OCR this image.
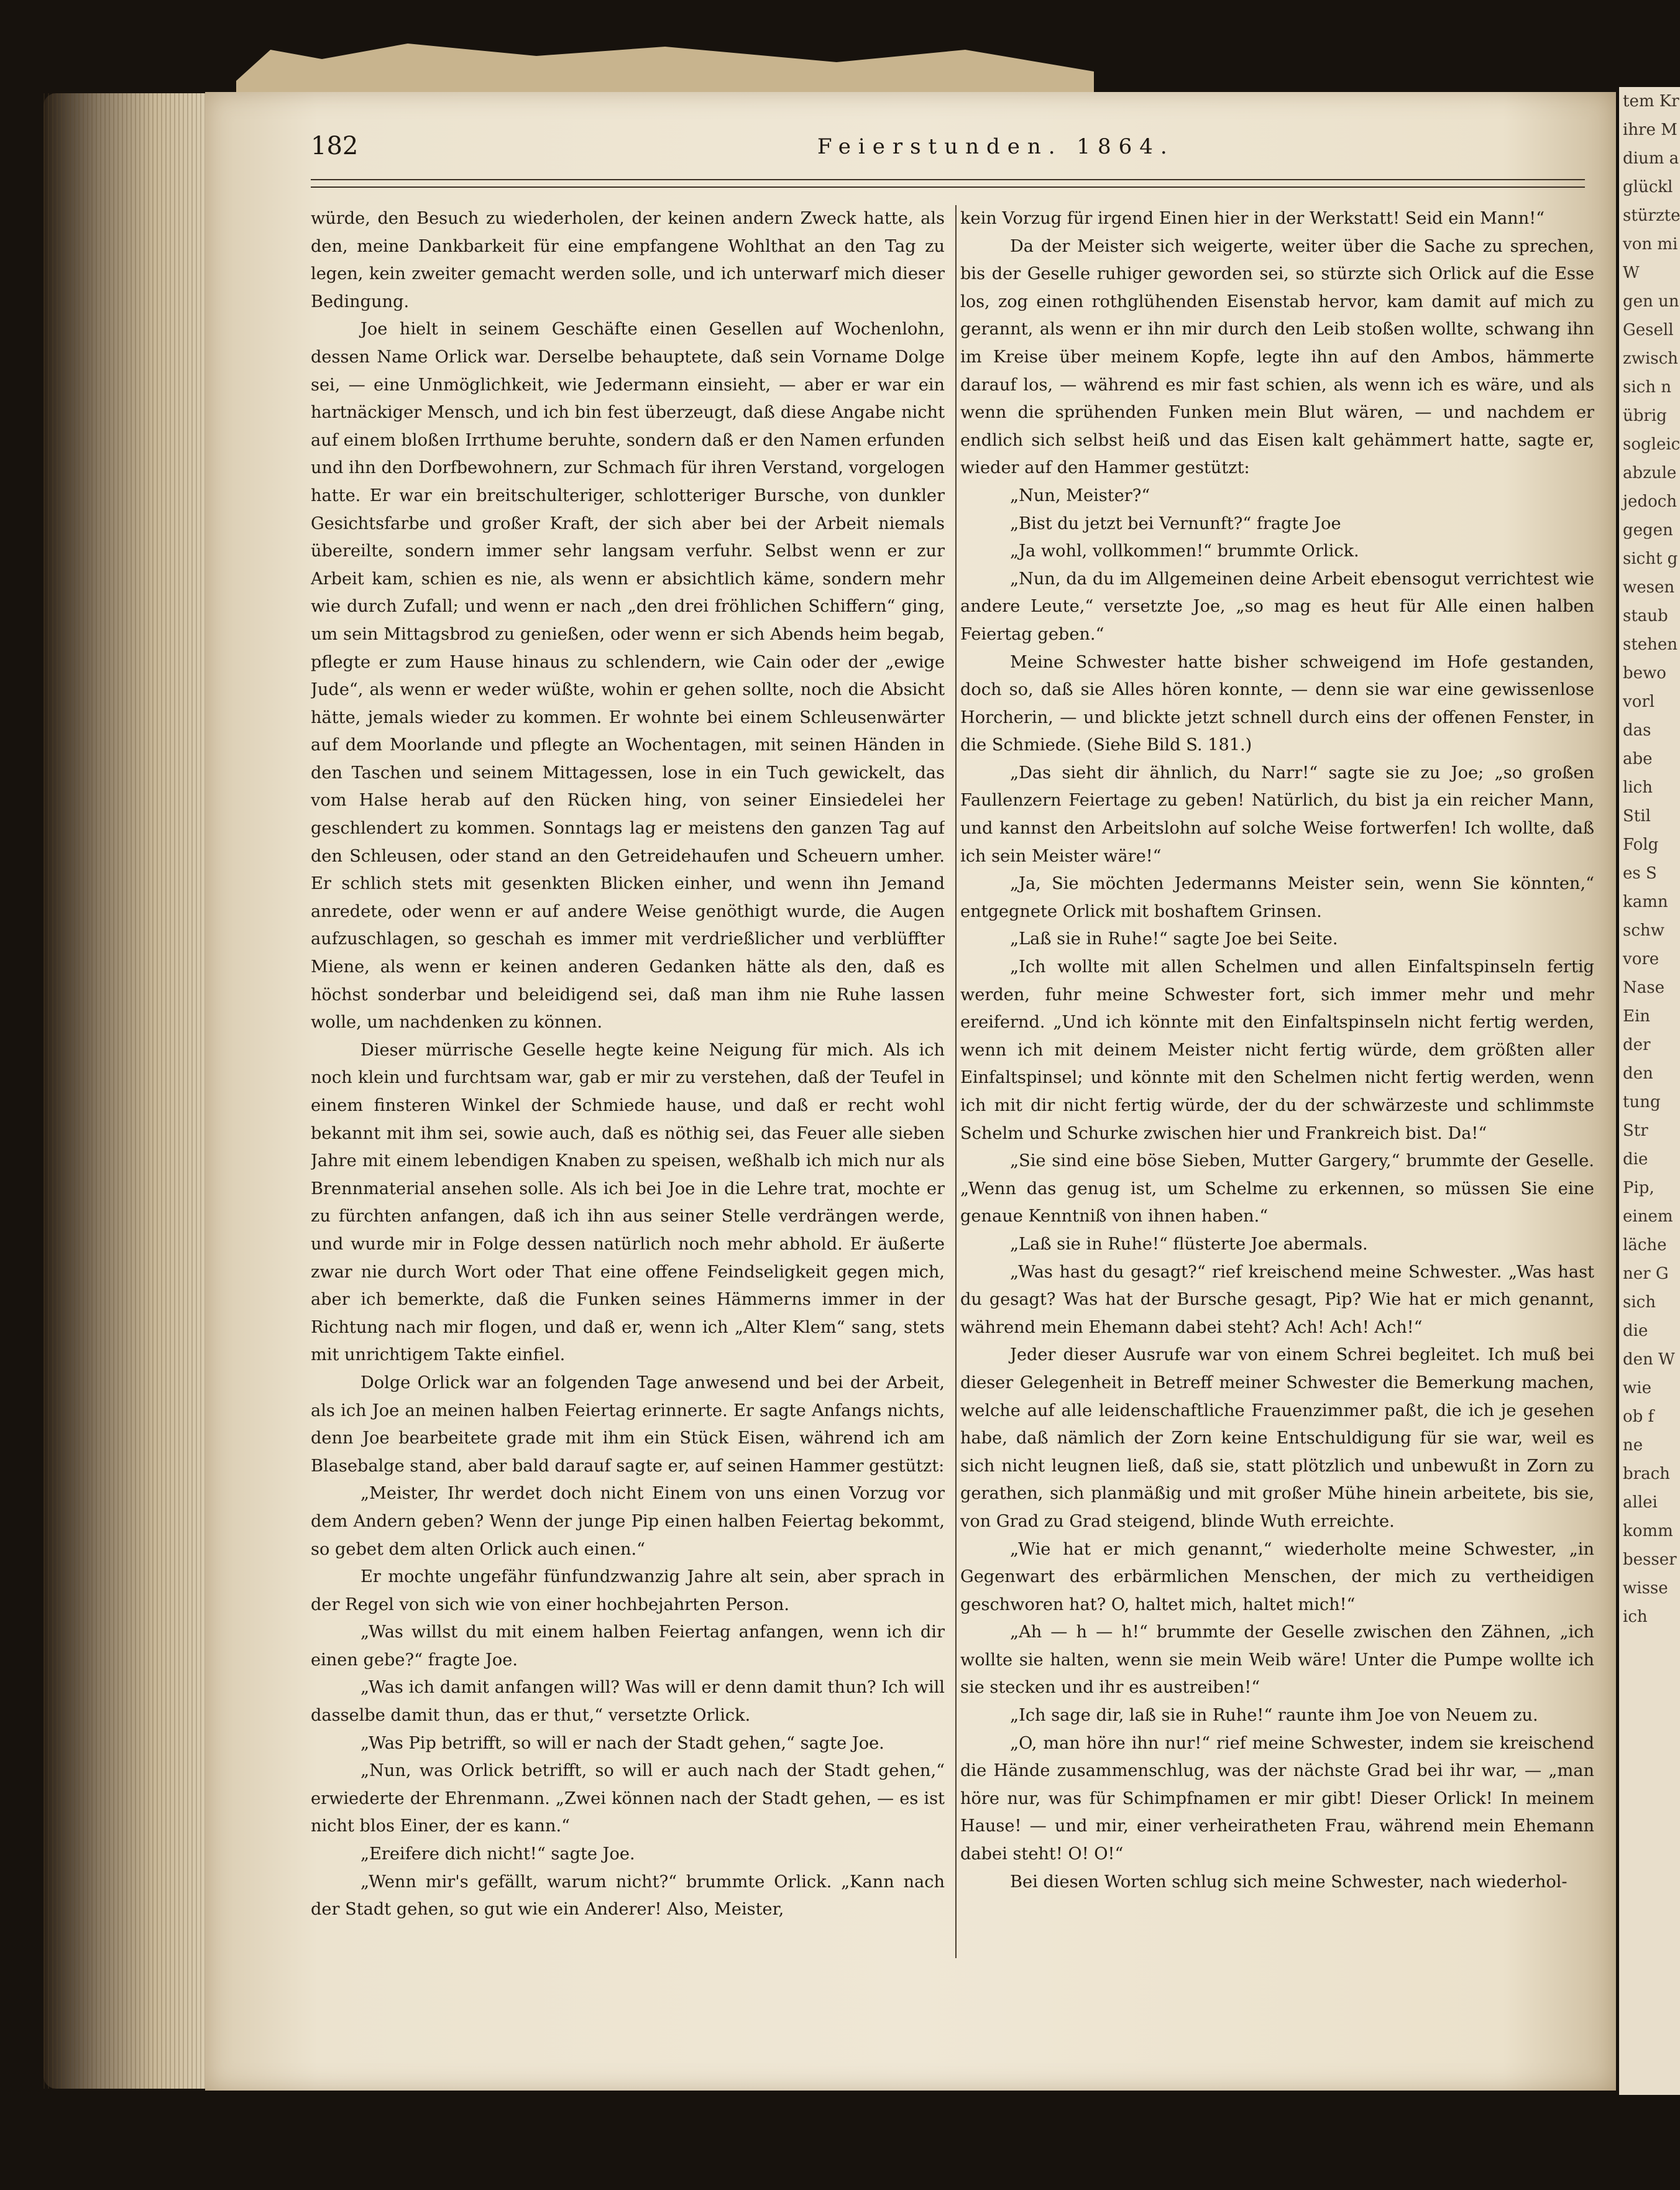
tem Kr
ihre M
dium a
glückl
stürzte
von mi
W
gen un
Gesell
zwisch
sich n
übrig
sogleic
abzule
jedoch
gegen
sicht g
wesen
staub
stehen
bewo
vorl
das
abe
lich
Stil
Folg
es S
kamn
schw
vore
Nase
Ein
der
den
tung
Str
die
Pip,
einem
läche
ner G
sich
die
den W
wie
ob f
ne
brach
allei
komm
besser
wisse
ich
182	Feierstunden. 1864.

würde, den Besuch zu wiederholen, der keinen andern Zweck hatte, als den, meine Dankbarkeit für eine empfangene Wohlthat an den Tag zu legen, kein zweiter gemacht werden solle, und ich unterwarf mich dieser Bedingung.

Joe hielt in seinem Geschäfte einen Gesellen auf Wochenlohn, dessen Name Orlick war. Derselbe behauptete, daß sein Vorname Dolge sei, — eine Unmöglichkeit, wie Jedermann einsieht, — aber er war ein hartnäckiger Mensch, und ich bin fest überzeugt, daß diese Angabe nicht auf einem bloßen Irrthume beruhte, sondern daß er den Namen erfunden und ihn den Dorfbewohnern, zur Schmach für ihren Verstand, vorgelogen hatte. Er war ein breitschulteriger, schlotteriger Bursche, von dunkler Gesichtsfarbe und großer Kraft, der sich aber bei der Arbeit niemals übereilte, sondern immer sehr langsam verfuhr. Selbst wenn er zur Arbeit kam, schien es nie, als wenn er absichtlich käme, sondern mehr wie durch Zufall; und wenn er nach „den drei fröhlichen Schiffern“ ging, um sein Mittagsbrod zu genießen, oder wenn er sich Abends heim begab, pflegte er zum Hause hinaus zu schlendern, wie Cain oder der „ewige Jude“, als wenn er weder wüßte, wohin er gehen sollte, noch die Absicht hätte, jemals wieder zu kommen. Er wohnte bei einem Schleusenwärter auf dem Moorlande und pflegte an Wochentagen, mit seinen Händen in den Taschen und seinem Mittagessen, lose in ein Tuch gewickelt, das vom Halse herab auf den Rücken hing, von seiner Einsiedelei her geschlendert zu kommen. Sonntags lag er meistens den ganzen Tag auf den Schleusen, oder stand an den Getreidehaufen und Scheuern umher. Er schlich stets mit gesenkten Blicken einher, und wenn ihn Jemand anredete, oder wenn er auf andere Weise genöthigt wurde, die Augen aufzuschlagen, so geschah es immer mit verdrießlicher und verblüffter Miene, als wenn er keinen anderen Gedanken hätte als den, daß es höchst sonderbar und beleidigend sei, daß man ihm nie Ruhe lassen wolle, um nachdenken zu können.

Dieser mürrische Geselle hegte keine Neigung für mich. Als ich noch klein und furchtsam war, gab er mir zu verstehen, daß der Teufel in einem finsteren Winkel der Schmiede hause, und daß er recht wohl bekannt mit ihm sei, sowie auch, daß es nöthig sei, das Feuer alle sieben Jahre mit einem lebendigen Knaben zu speisen, weßhalb ich mich nur als Brennmaterial ansehen solle. Als ich bei Joe in die Lehre trat, mochte er zu fürchten anfangen, daß ich ihn aus seiner Stelle verdrängen werde, und wurde mir in Folge dessen natürlich noch mehr abhold. Er äußerte zwar nie durch Wort oder That eine offene Feindseligkeit gegen mich, aber ich bemerkte, daß die Funken seines Hämmerns immer in der Richtung nach mir flogen, und daß er, wenn ich „Alter Klem“ sang, stets mit unrichtigem Takte einfiel.

Dolge Orlick war an folgenden Tage anwesend und bei der Arbeit, als ich Joe an meinen halben Feiertag erinnerte. Er sagte Anfangs nichts, denn Joe bearbeitete grade mit ihm ein Stück Eisen, während ich am Blasebalge stand, aber bald darauf sagte er, auf seinen Hammer gestützt:

„Meister, Ihr werdet doch nicht Einem von uns einen Vorzug vor dem Andern geben? Wenn der junge Pip einen halben Feiertag bekommt, so gebet dem alten Orlick auch einen.“

Er mochte ungefähr fünfundzwanzig Jahre alt sein, aber sprach in der Regel von sich wie von einer hochbejahrten Person.

„Was willst du mit einem halben Feiertag anfangen, wenn ich dir einen gebe?“ fragte Joe.

„Was ich damit anfangen will? Was will er denn damit thun? Ich will dasselbe damit thun, das er thut,“ versetzte Orlick.

„Was Pip betrifft, so will er nach der Stadt gehen,“ sagte Joe.

„Nun, was Orlick betrifft, so will er auch nach der Stadt gehen,“ erwiederte der Ehrenmann. „Zwei können nach der Stadt gehen, — es ist nicht blos Einer, der es kann.“

„Ereifere dich nicht!“ sagte Joe.

„Wenn mir's gefällt, warum nicht?“ brummte Orlick. „Kann nach der Stadt gehen, so gut wie ein Anderer! Also, Meister,

kein Vorzug für irgend Einen hier in der Werkstatt! Seid ein Mann!“

Da der Meister sich weigerte, weiter über die Sache zu sprechen, bis der Geselle ruhiger geworden sei, so stürzte sich Orlick auf die Esse los, zog einen rothglühenden Eisenstab hervor, kam damit auf mich zu gerannt, als wenn er ihn mir durch den Leib stoßen wollte, schwang ihn im Kreise über meinem Kopfe, legte ihn auf den Ambos, hämmerte darauf los, — während es mir fast schien, als wenn ich es wäre, und als wenn die sprühenden Funken mein Blut wären, — und nachdem er endlich sich selbst heiß und das Eisen kalt gehämmert hatte, sagte er, wieder auf den Hammer gestützt:

„Nun, Meister?“

„Bist du jetzt bei Vernunft?“ fragte Joe

„Ja wohl, vollkommen!“ brummte Orlick.

„Nun, da du im Allgemeinen deine Arbeit ebensogut verrichtest wie andere Leute,“ versetzte Joe, „so mag es heut für Alle einen halben Feiertag geben.“

Meine Schwester hatte bisher schweigend im Hofe gestanden, doch so, daß sie Alles hören konnte, — denn sie war eine gewissenlose Horcherin, — und blickte jetzt schnell durch eins der offenen Fenster, in die Schmiede. (Siehe Bild S. 181.)

„Das sieht dir ähnlich, du Narr!“ sagte sie zu Joe; „so großen Faullenzern Feiertage zu geben! Natürlich, du bist ja ein reicher Mann, und kannst den Arbeitslohn auf solche Weise fortwerfen! Ich wollte, daß ich sein Meister wäre!“

„Ja, Sie möchten Jedermanns Meister sein, wenn Sie könnten,“ entgegnete Orlick mit boshaftem Grinsen.

„Laß sie in Ruhe!“ sagte Joe bei Seite.

„Ich wollte mit allen Schelmen und allen Einfaltspinseln fertig werden, fuhr meine Schwester fort, sich immer mehr und mehr ereifernd. „Und ich könnte mit den Einfaltspinseln nicht fertig werden, wenn ich mit deinem Meister nicht fertig würde, dem größten aller Einfaltspinsel; und könnte mit den Schelmen nicht fertig werden, wenn ich mit dir nicht fertig würde, der du der schwärzeste und schlimmste Schelm und Schurke zwischen hier und Frankreich bist. Da!“

„Sie sind eine böse Sieben, Mutter Gargery,“ brummte der Geselle. „Wenn das genug ist, um Schelme zu erkennen, so müssen Sie eine genaue Kenntniß von ihnen haben.“

„Laß sie in Ruhe!“ flüsterte Joe abermals.

„Was hast du gesagt?“ rief kreischend meine Schwester. „Was hast du gesagt? Was hat der Bursche gesagt, Pip? Wie hat er mich genannt, während mein Ehemann dabei steht? Ach! Ach! Ach!“

Jeder dieser Ausrufe war von einem Schrei begleitet. Ich muß bei dieser Gelegenheit in Betreff meiner Schwester die Bemerkung machen, welche auf alle leidenschaftliche Frauenzimmer paßt, die ich je gesehen habe, daß nämlich der Zorn keine Entschuldigung für sie war, weil es sich nicht leugnen ließ, daß sie, statt plötzlich und unbewußt in Zorn zu gerathen, sich planmäßig und mit großer Mühe hinein arbeitete, bis sie, von Grad zu Grad steigend, blinde Wuth erreichte.

„Wie hat er mich genannt,“ wiederholte meine Schwester, „in Gegenwart des erbärmlichen Menschen, der mich zu vertheidigen geschworen hat? O, haltet mich, haltet mich!“

„Ah — h — h!“ brummte der Geselle zwischen den Zähnen, „ich wollte sie halten, wenn sie mein Weib wäre! Unter die Pumpe wollte ich sie stecken und ihr es austreiben!“

„Ich sage dir, laß sie in Ruhe!“ raunte ihm Joe von Neuem zu.

„O, man höre ihn nur!“ rief meine Schwester, indem sie kreischend die Hände zusammenschlug, was der nächste Grad bei ihr war, — „man höre nur, was für Schimpfnamen er mir gibt! Dieser Orlick! In meinem Hause! — und mir, einer verheiratheten Frau, während mein Ehemann dabei steht! O! O!“

Bei diesen Worten schlug sich meine Schwester, nach wiederhol-
